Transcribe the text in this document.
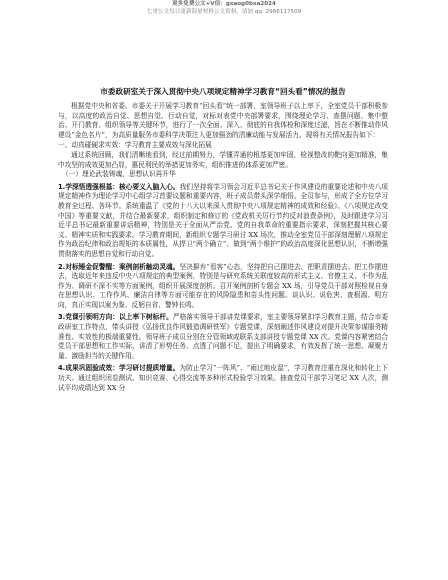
更多免费公文+V信：gxaog0bxa2024
七哥公文每日更新海量材料公文资料，请加 qq: 2966117509
市委政研室关于深入贯彻中央八项规定精神学习教育“回头看”情况的报告

根据党中央和省委、市委关于开展学习教育“回头看”统一部署，室领导班子以上率下，全室党员干部积极参与，以高度的政治自觉、思想自觉、行动自觉，对标对表党中央部署要求，围绕理论学习、查摆问题、集中整治、开门教育、组织领导等关键环节，进行了一次全面、深入、彻底的自我体检和深度过滤，旨在不断推动作风建设“金色名片”，为高质量服务市委科学决策注入更加强劲的清廉动能与发展活力。现将有关情况报告如下：

一、动真碰硬求实效：学习教育主要成效与深化拓展

通过系统回顾，我们清晰地看到，经过前期努力，学懂弄通的根基更加牢固，检视整改的靶向更加精准，集中攻坚的成效更加凸显，惠民利民的举措更加务实，组织推进的体系更加严密。

（一）理论武装铸魂，思想认识再升华

1.学深悟透强根基：核心要义入脑入心。我们坚持将学习领会习近平总书记关于作风建设的重要论述和中央八项规定精神作为理论学习中心组学习首要议题和重要内容，班子成员带头深学细悟、全员参与，形成了全方位学习教育全过程、各环节。系统重温了《党的十八大以来深入贯彻中央八项规定精神的成效和经验》、《八项规定改变中国》等重要文献，并结合最新要求，组织制定和修订的《党政机关厉行节约反对浪费条例》，及时跟进学习习近平总书记最新重要讲话精神，特别是关于全面从严治党、党的自我革命的重要指示要求，深刻把握其核心要义、精神实质和实践要求。学习教育期间，新组织专题学习研讨 XX 场次，推动全室党员干部深刻理解八项规定作为政治纪律和政治规矩的本质属性，从捍卫“两个确立”、做到“两个维护”的政治高度深化思想认识，不断增强贯彻落实的思想自觉和行动自觉。

2.对标锤金促警醒：案例剖析触动灵魂。坚决摒弃“看客”心态，坚持把自己摆进去、把职责摆进去、把工作摆进去，选取近年来违反中央八项规定的典型案例，特别是与研究系统关联度较高的形式主义、官僚主义、不作为乱作为、调研不深不实等方面案例，组织开展深度剖析。召开案例剖析专题会 XX 场，引导党员干部对照检视自身在思想认识、工作作风、廉洁自律等方面可能存在的风险隐患和苗头性问题。谈认识、说危害、查根源、明方向，真正实现以案为鉴、反躬自省、警钟长鸣。

3.党课引领明方向：以上率下树标杆。严格落实领导干部讲党课要求，室主要领导紧扣学习教育主题，结合市委政研室工作特点，带头讲授《弘扬优良作风锻造调研铁军》专题党课，深刻阐述作风建设对提升决策参谋服务精准性、实效性的极端重要性。领导班子成员分别在分管领域或联系支部讲授专题党课 XX 次。党课内容紧密结合党员干部思想和工作实际，讲清了形势任务、点透了问题不足，提出了明确要求，有效发挥了统一思想、凝聚力量、激励担当的关键作用。

4.成果巩固验成效：学习研讨提质增量。为防止学习“一阵风”、“雨过地皮湿”，学习教育注重在深化和转化上下功夫。通过组织闭卷测试、知识竞赛、心得交流等多种形式检验学习效果。抽查党员干部学习笔记 XX 人次，测试平均成绩达到 XX 分
